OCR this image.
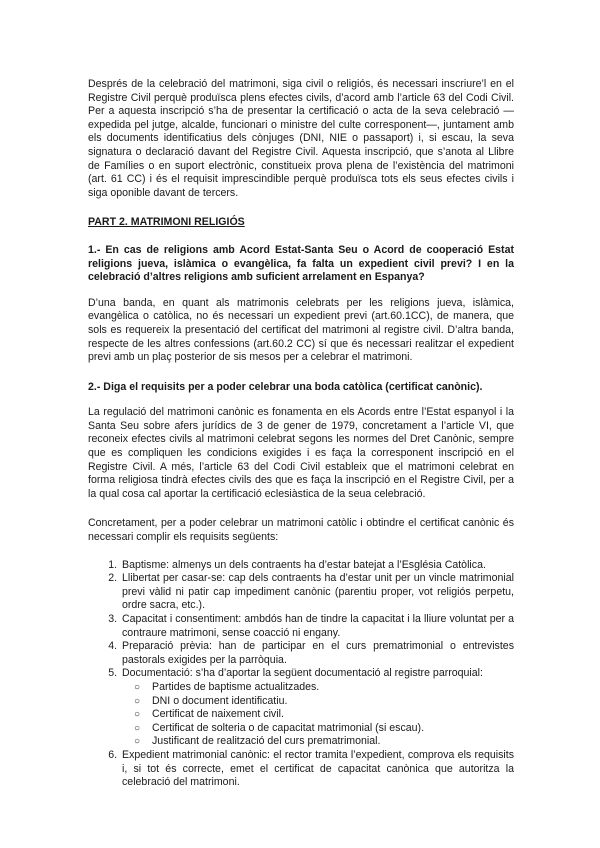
Després de la celebració del matrimoni, siga civil o religiós, és necessari inscriure’l en el Registre Civil perquè produïsca plens efectes civils, d’acord amb l’article 63 del Codi Civil. Per a aquesta inscripció s’ha de presentar la certificació o acta de la seva celebració —expedida pel jutge, alcalde, funcionari o ministre del culte corresponent—, juntament amb els documents identificatius dels cònjuges (DNI, NIE o passaport) i, si escau, la seva signatura o declaració davant del Registre Civil. Aquesta inscripció, que s’anota al Llibre de Famílies o en suport electrònic, constitueix prova plena de l’existència del matrimoni (art. 61 CC) i és el requisit imprescindible perquè produïsca tots els seus efectes civils i siga oponible davant de tercers.

PART 2. MATRIMONI RELIGIÓS

1.- En cas de religions amb Acord Estat-Santa Seu o Acord de cooperació Estat religions jueva, islàmica o evangèlica, fa falta un expedient civil previ? I en la celebració d’altres religions amb suficient arrelament en Espanya?

D’una banda, en quant als matrimonis celebrats per les religions jueva, islàmica, evangèlica o catòlica, no és necessari un expedient previ (art.60.1CC), de manera, que sols es requereix la presentació del certificat del matrimoni al registre civil. D’altra banda, respecte de les altres confessions (art.60.2 CC) sí que és necessari realitzar el expedient previ amb un plaç posterior de sis mesos per a celebrar el matrimoni.

2.- Diga el requisits per a poder celebrar una boda catòlica (certificat canònic).

La regulació del matrimoni canònic es fonamenta en els Acords entre l’Estat espanyol i la Santa Seu sobre afers jurídics de 3 de gener de 1979, concretament a l’article VI, que reconeix efectes civils al matrimoni celebrat segons les normes del Dret Canònic, sempre que es compliquen les condicions exigides i es faça la corresponent inscripció en el Registre Civil. A més, l’article 63 del Codi Civil estableix que el matrimoni celebrat en forma religiosa tindrà efectes civils des que es faça la inscripció en el Registre Civil, per a la qual cosa cal aportar la certificació eclesiàstica de la seua celebració.

Concretament, per a poder celebrar un matrimoni catòlic i obtindre el certificat canònic és necessari complir els requisits següents:

1. Baptisme: almenys un dels contraents ha d’estar batejat a l’Església Catòlica.
2. Llibertat per casar-se: cap dels contraents ha d’estar unit per un vincle matrimonial previ vàlid ni patir cap impediment canònic (parentiu proper, vot religiós perpetu, ordre sacra, etc.).
3. Capacitat i consentiment: ambdós han de tindre la capacitat i la lliure voluntat per a contraure matrimoni, sense coacció ni engany.
4. Preparació prèvia: han de participar en el curs prematrimonial o entrevistes pastorals exigides per la parròquia.
5. Documentació: s’ha d’aportar la següent documentació al registre parroquial:
○ Partides de baptisme actualitzades.
○ DNI o document identificatiu.
○ Certificat de naixement civil.
○ Certificat de solteria o de capacitat matrimonial (si escau).
○ Justificant de realització del curs prematrimonial.
6. Expedient matrimonial canònic: el rector tramita l’expedient, comprova els requisits i, si tot és correcte, emet el certificat de capacitat canònica que autoritza la celebració del matrimoni.
